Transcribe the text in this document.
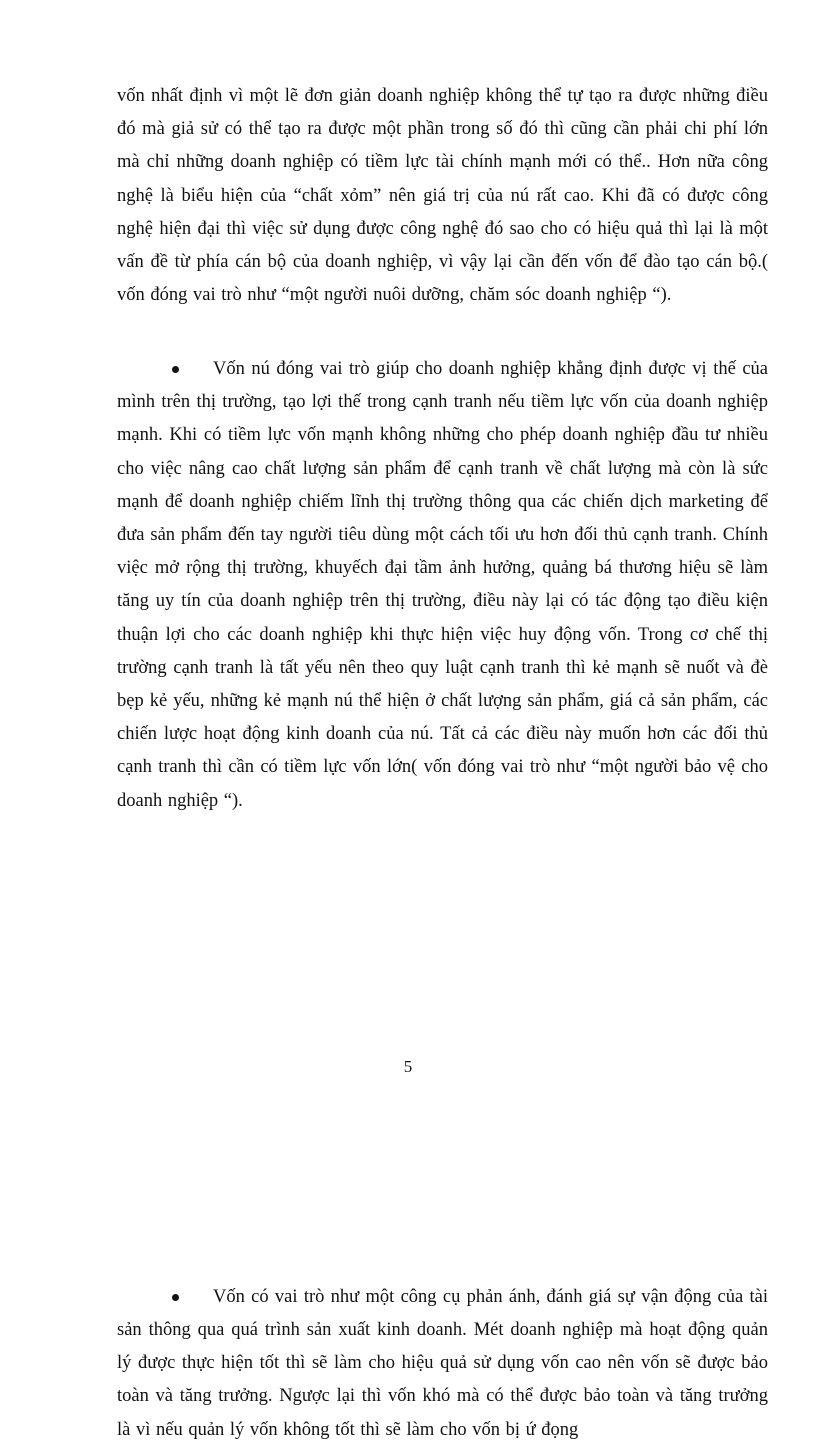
vốn nhất định vì một lẽ đơn giản doanh nghiệp không thể tự tạo ra được những điều đó mà giả sử có thể tạo ra được một phần trong số đó thì cũng cần phải chi phí lớn mà chỉ những doanh nghiệp có tiềm lực tài chính mạnh mới có thể.. Hơn nữa công nghệ là biểu hiện của “chất xỏm” nên giá trị của nú rất cao. Khi đã có được công nghệ hiện đại thì việc sử dụng được công nghệ đó sao cho có hiệu quả thì lại là một vấn đề từ phía cán bộ của doanh nghiệp, vì vậy lại cần đến vốn để đào tạo cán bộ.( vốn đóng vai trò như “một người nuôi dưỡng, chăm sóc doanh nghiệp “).

Vốn nú đóng vai trò giúp cho doanh nghiệp khẳng định được vị thế của mình trên thị trường, tạo lợi thế trong cạnh tranh nếu tiềm lực vốn của doanh nghiệp mạnh. Khi có tiềm lực vốn mạnh không những cho phép doanh nghiệp đầu tư nhiều cho việc nâng cao chất lượng sản phẩm để cạnh tranh về chất lượng mà còn là sức mạnh để doanh nghiệp chiếm lĩnh thị trường thông qua các chiến dịch marketing để đưa sản phẩm đến tay người tiêu dùng một cách tối ưu hơn đối thủ cạnh tranh. Chính việc mở rộng thị trường, khuyếch đại tầm ảnh hưởng, quảng bá thương hiệu sẽ làm tăng uy tín của doanh nghiệp trên thị trường, điều này lại có tác động tạo điều kiện thuận lợi cho các doanh nghiệp khi thực hiện việc huy động vốn. Trong cơ chế thị trường cạnh tranh là tất yếu nên theo quy luật cạnh tranh thì kẻ mạnh sẽ nuốt và đè bẹp kẻ yếu, những kẻ mạnh nú thể hiện ở chất lượng sản phẩm, giá cả sản phẩm, các chiến lược hoạt động kinh doanh của nú. Tất cả các điều này muốn hơn các đối thủ cạnh tranh thì cần có tiềm lực vốn lớn( vốn đóng vai trò như “một người bảo vệ cho doanh nghiệp “).

Vốn có vai trò như một công cụ phản ánh, đánh giá sự vận động của tài sản thông qua quá trình sản xuất kinh doanh. Mét doanh nghiệp mà hoạt động quản lý được thực hiện tốt thì sẽ làm cho hiệu quả sử dụng vốn cao nên vốn sẽ được bảo toàn và tăng trưởng. Ngược lại thì vốn khó mà có thể được bảo toàn và tăng trưởng là vì nếu quản lý vốn không tốt thì sẽ làm cho vốn bị ứ đọng

5
